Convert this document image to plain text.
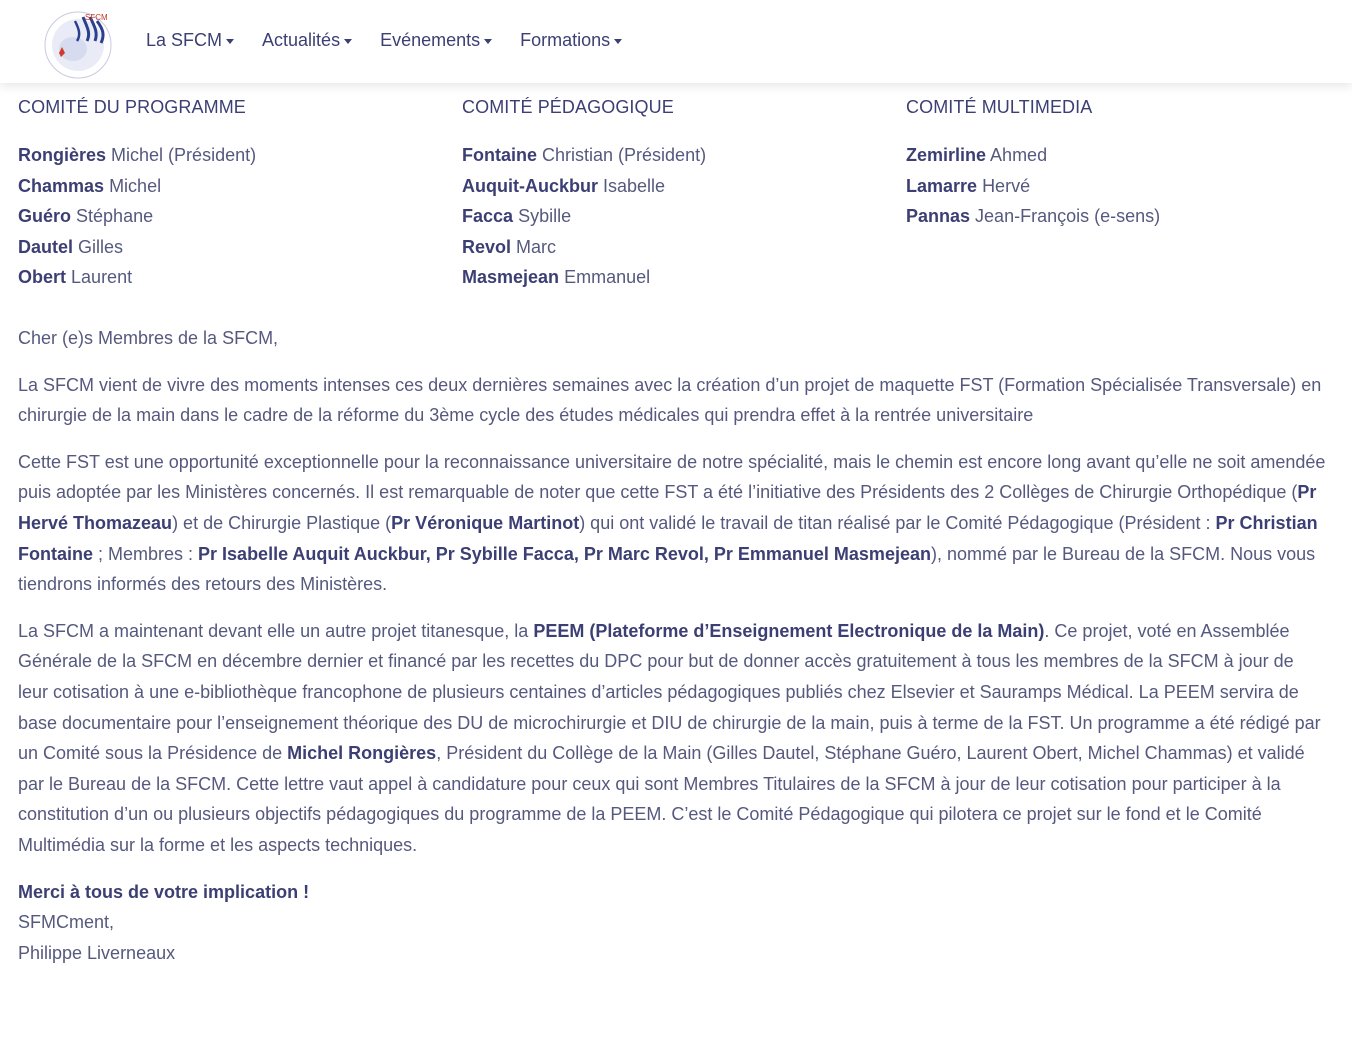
SFCM
La SFCM Actualités Evénements Formations
COMITÉ DU PROGRAMME
Rongières Michel (Président)
Chammas Michel
Guéro Stéphane
Dautel Gilles
Obert Laurent
COMITÉ PÉDAGOGIQUE
Fontaine Christian (Président)
Auquit-Auckbur Isabelle
Facca Sybille
Revol Marc
Masmejean Emmanuel
COMITÉ MULTIMEDIA
Zemirline Ahmed
Lamarre Hervé
Pannas Jean-François (e-sens)

Cher (e)s Membres de la SFCM,

La SFCM vient de vivre des moments intenses ces deux dernières semaines avec la création d’un projet de maquette FST (Formation Spécialisée Transversale) en chirurgie de la main dans le cadre de la réforme du 3ème cycle des études médicales qui prendra effet à la rentrée universitaire

Cette FST est une opportunité exceptionnelle pour la reconnaissance universitaire de notre spécialité, mais le chemin est encore long avant qu’elle ne soit amendée puis adoptée par les Ministères concernés. Il est remarquable de noter que cette FST a été l’initiative des Présidents des 2 Collèges de Chirurgie Orthopédique (Pr Hervé Thomazeau) et de Chirurgie Plastique (Pr Véronique Martinot) qui ont validé le travail de titan réalisé par le Comité Pédagogique (Président : Pr Christian Fontaine ; Membres : Pr Isabelle Auquit Auckbur, Pr Sybille Facca, Pr Marc Revol, Pr Emmanuel Masmejean), nommé par le Bureau de la SFCM. Nous vous tiendrons informés des retours des Ministères.

La SFCM a maintenant devant elle un autre projet titanesque, la PEEM (Plateforme d’Enseignement Electronique de la Main). Ce projet, voté en Assemblée Générale de la SFCM en décembre dernier et financé par les recettes du DPC pour but de donner accès gratuitement à tous les membres de la SFCM à jour de leur cotisation à une e-bibliothèque francophone de plusieurs centaines d’articles pédagogiques publiés chez Elsevier et Sauramps Médical. La PEEM servira de base documentaire pour l’enseignement théorique des DU de microchirurgie et DIU de chirurgie de la main, puis à terme de la FST. Un programme a été rédigé par un Comité sous la Présidence de Michel Rongières, Président du Collège de la Main (Gilles Dautel, Stéphane Guéro, Laurent Obert, Michel Chammas) et validé par le Bureau de la SFCM. Cette lettre vaut appel à candidature pour ceux qui sont Membres Titulaires de la SFCM à jour de leur cotisation pour participer à la constitution d’un ou plusieurs objectifs pédagogiques du programme de la PEEM. C’est le Comité Pédagogique qui pilotera ce projet sur le fond et le Comité Multimédia sur la forme et les aspects techniques.

Merci à tous de votre implication !

SFMCment,

Philippe Liverneaux
